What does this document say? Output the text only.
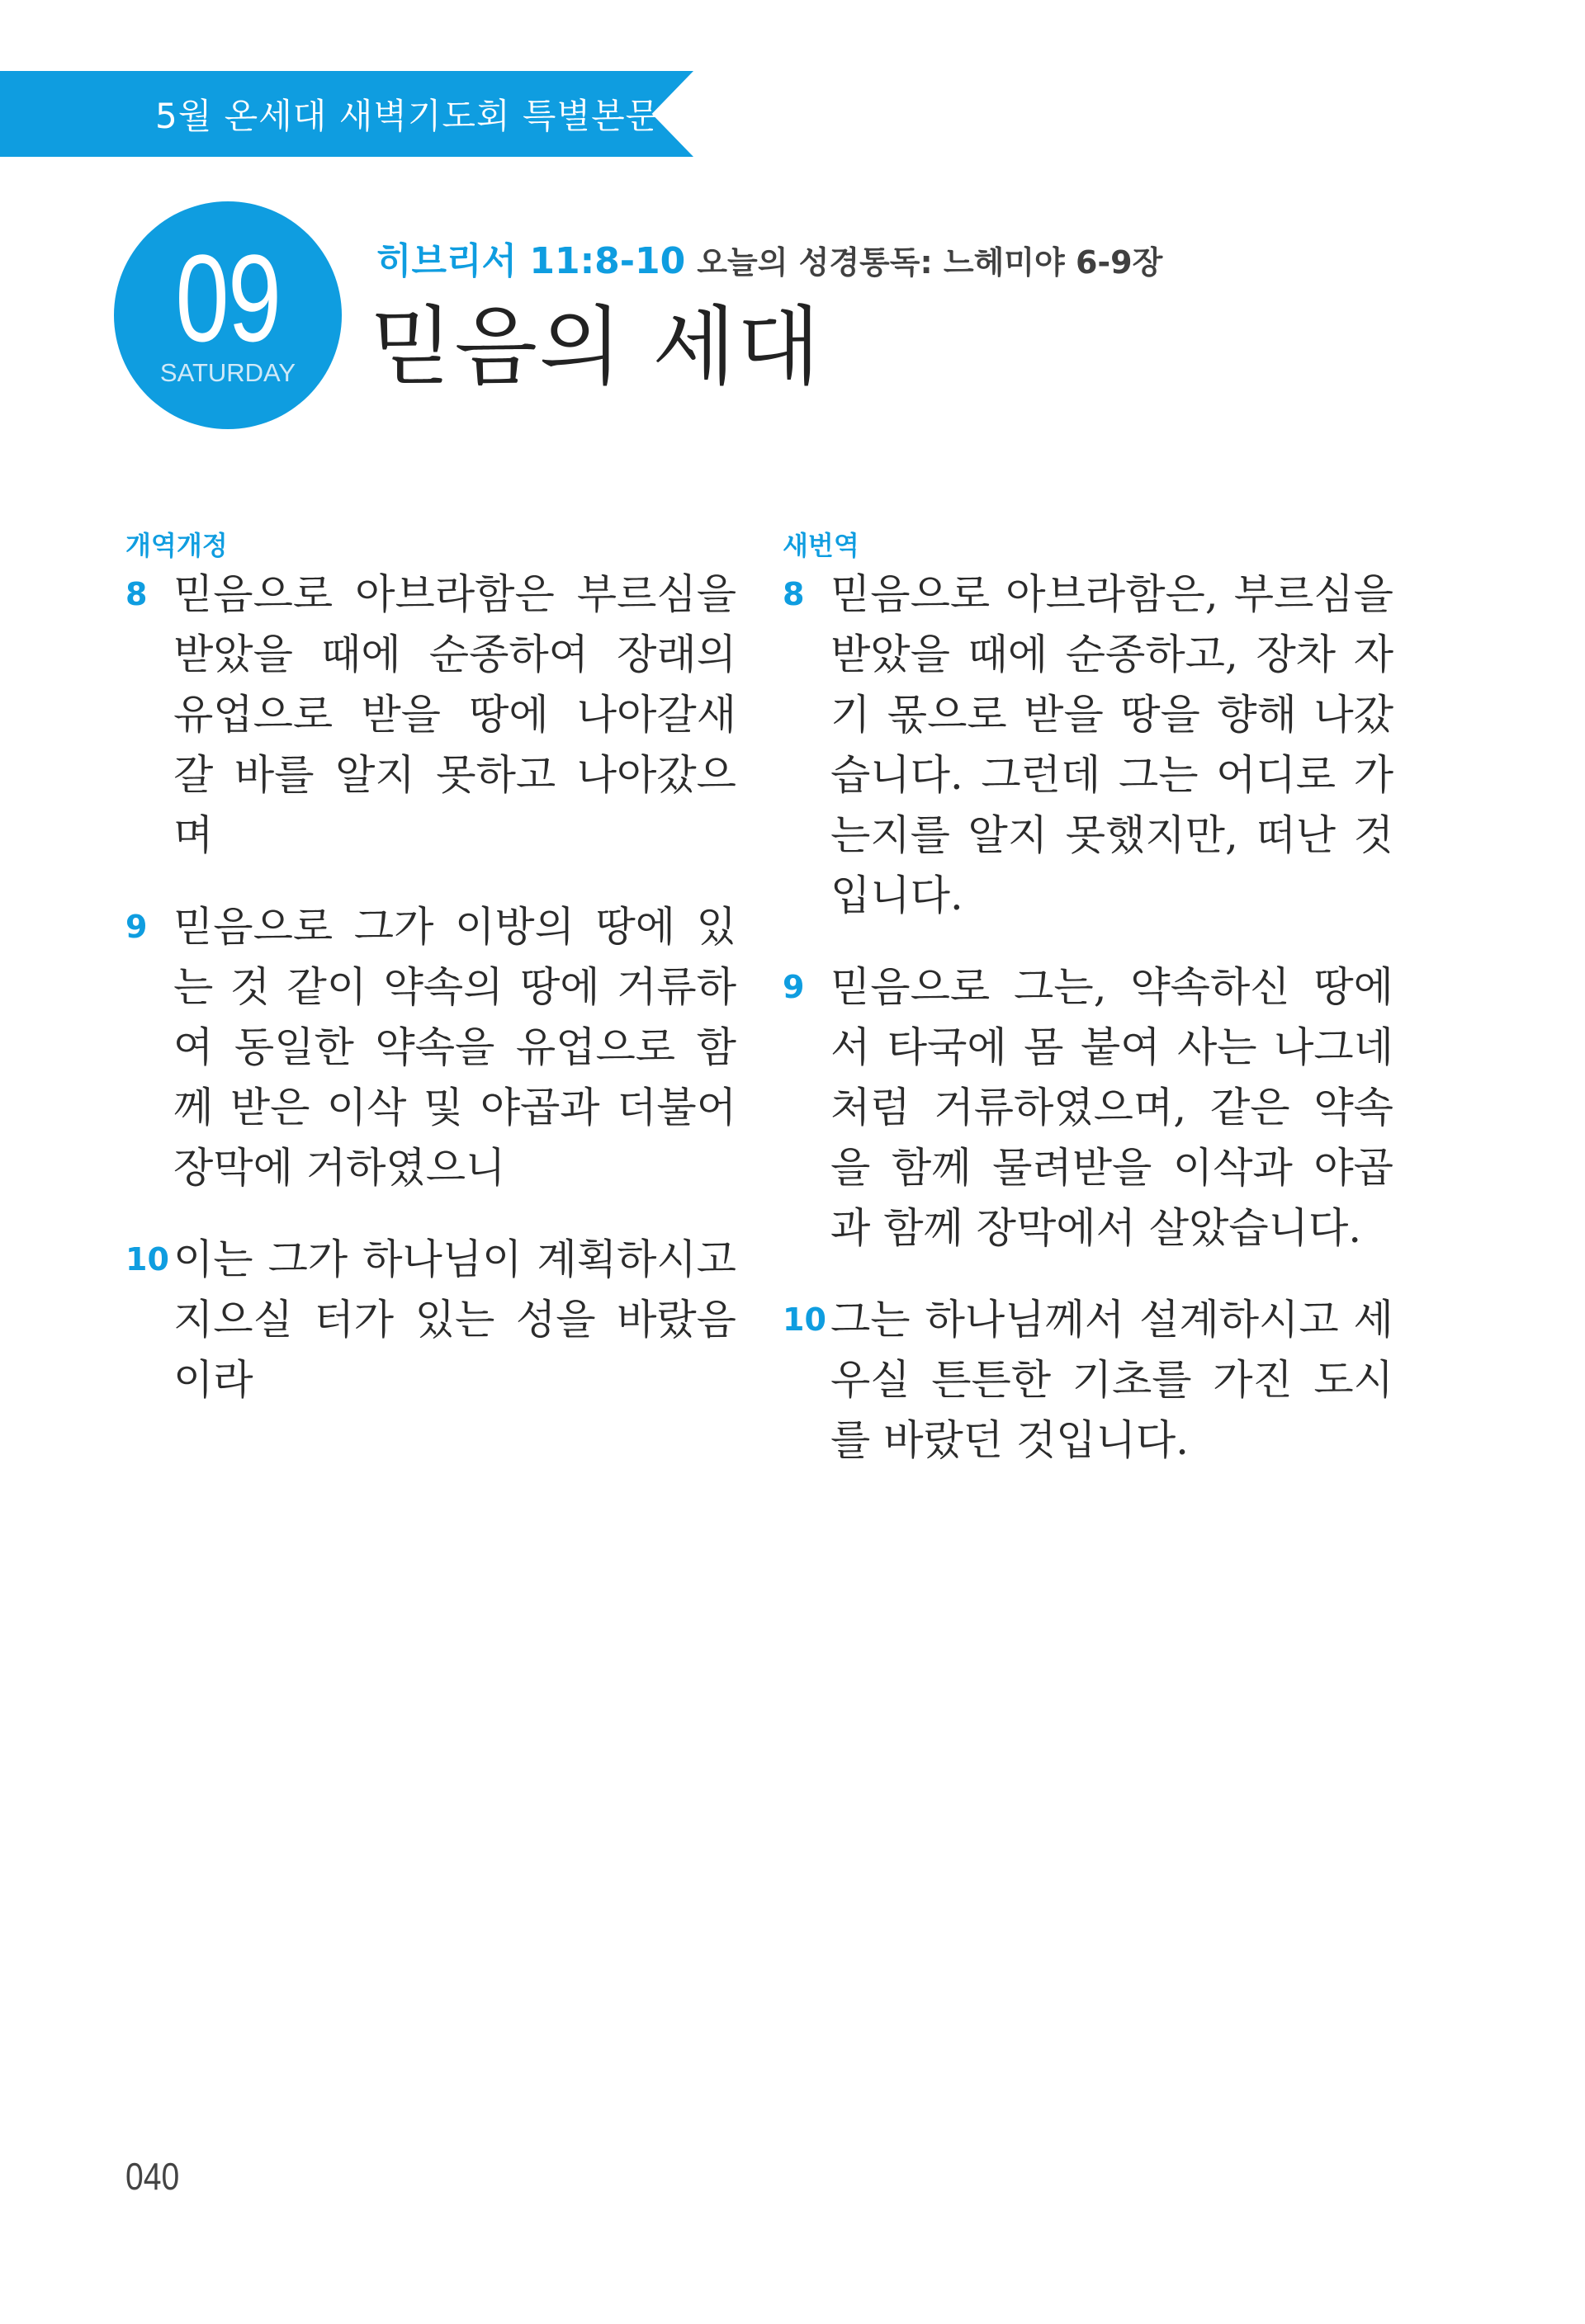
5월 온세대 새벽기도회 특별본문
09
SATURDAY
히브리서 11:8-10 오늘의 성경통독: 느헤미야 6-9장
믿음의 세대
개역개정
8 믿음으로 아브라함은 부르심을 받았을 때에 순종하여 장래의 유업으로 받을 땅에 나아갈새 갈 바를 알지 못하고 나아갔으며
9 믿음으로 그가 이방의 땅에 있는 것 같이 약속의 땅에 거류하여 동일한 약속을 유업으로 함께 받은 이삭 및 야곱과 더불어 장막에 거하였으니
10 이는 그가 하나님이 계획하시고 지으실 터가 있는 성을 바랐음이라
새번역
8 믿음으로 아브라함은, 부르심을 받았을 때에 순종하고, 장차 자기 몫으로 받을 땅을 향해 나갔습니다. 그런데 그는 어디로 가는지를 알지 못했지만, 떠난 것입니다.
9 믿음으로 그는, 약속하신 땅에서 타국에 몸 붙여 사는 나그네처럼 거류하였으며, 같은 약속을 함께 물려받을 이삭과 야곱과 함께 장막에서 살았습니다.
10 그는 하나님께서 설계하시고 세우실 튼튼한 기초를 가진 도시를 바랐던 것입니다.
040
